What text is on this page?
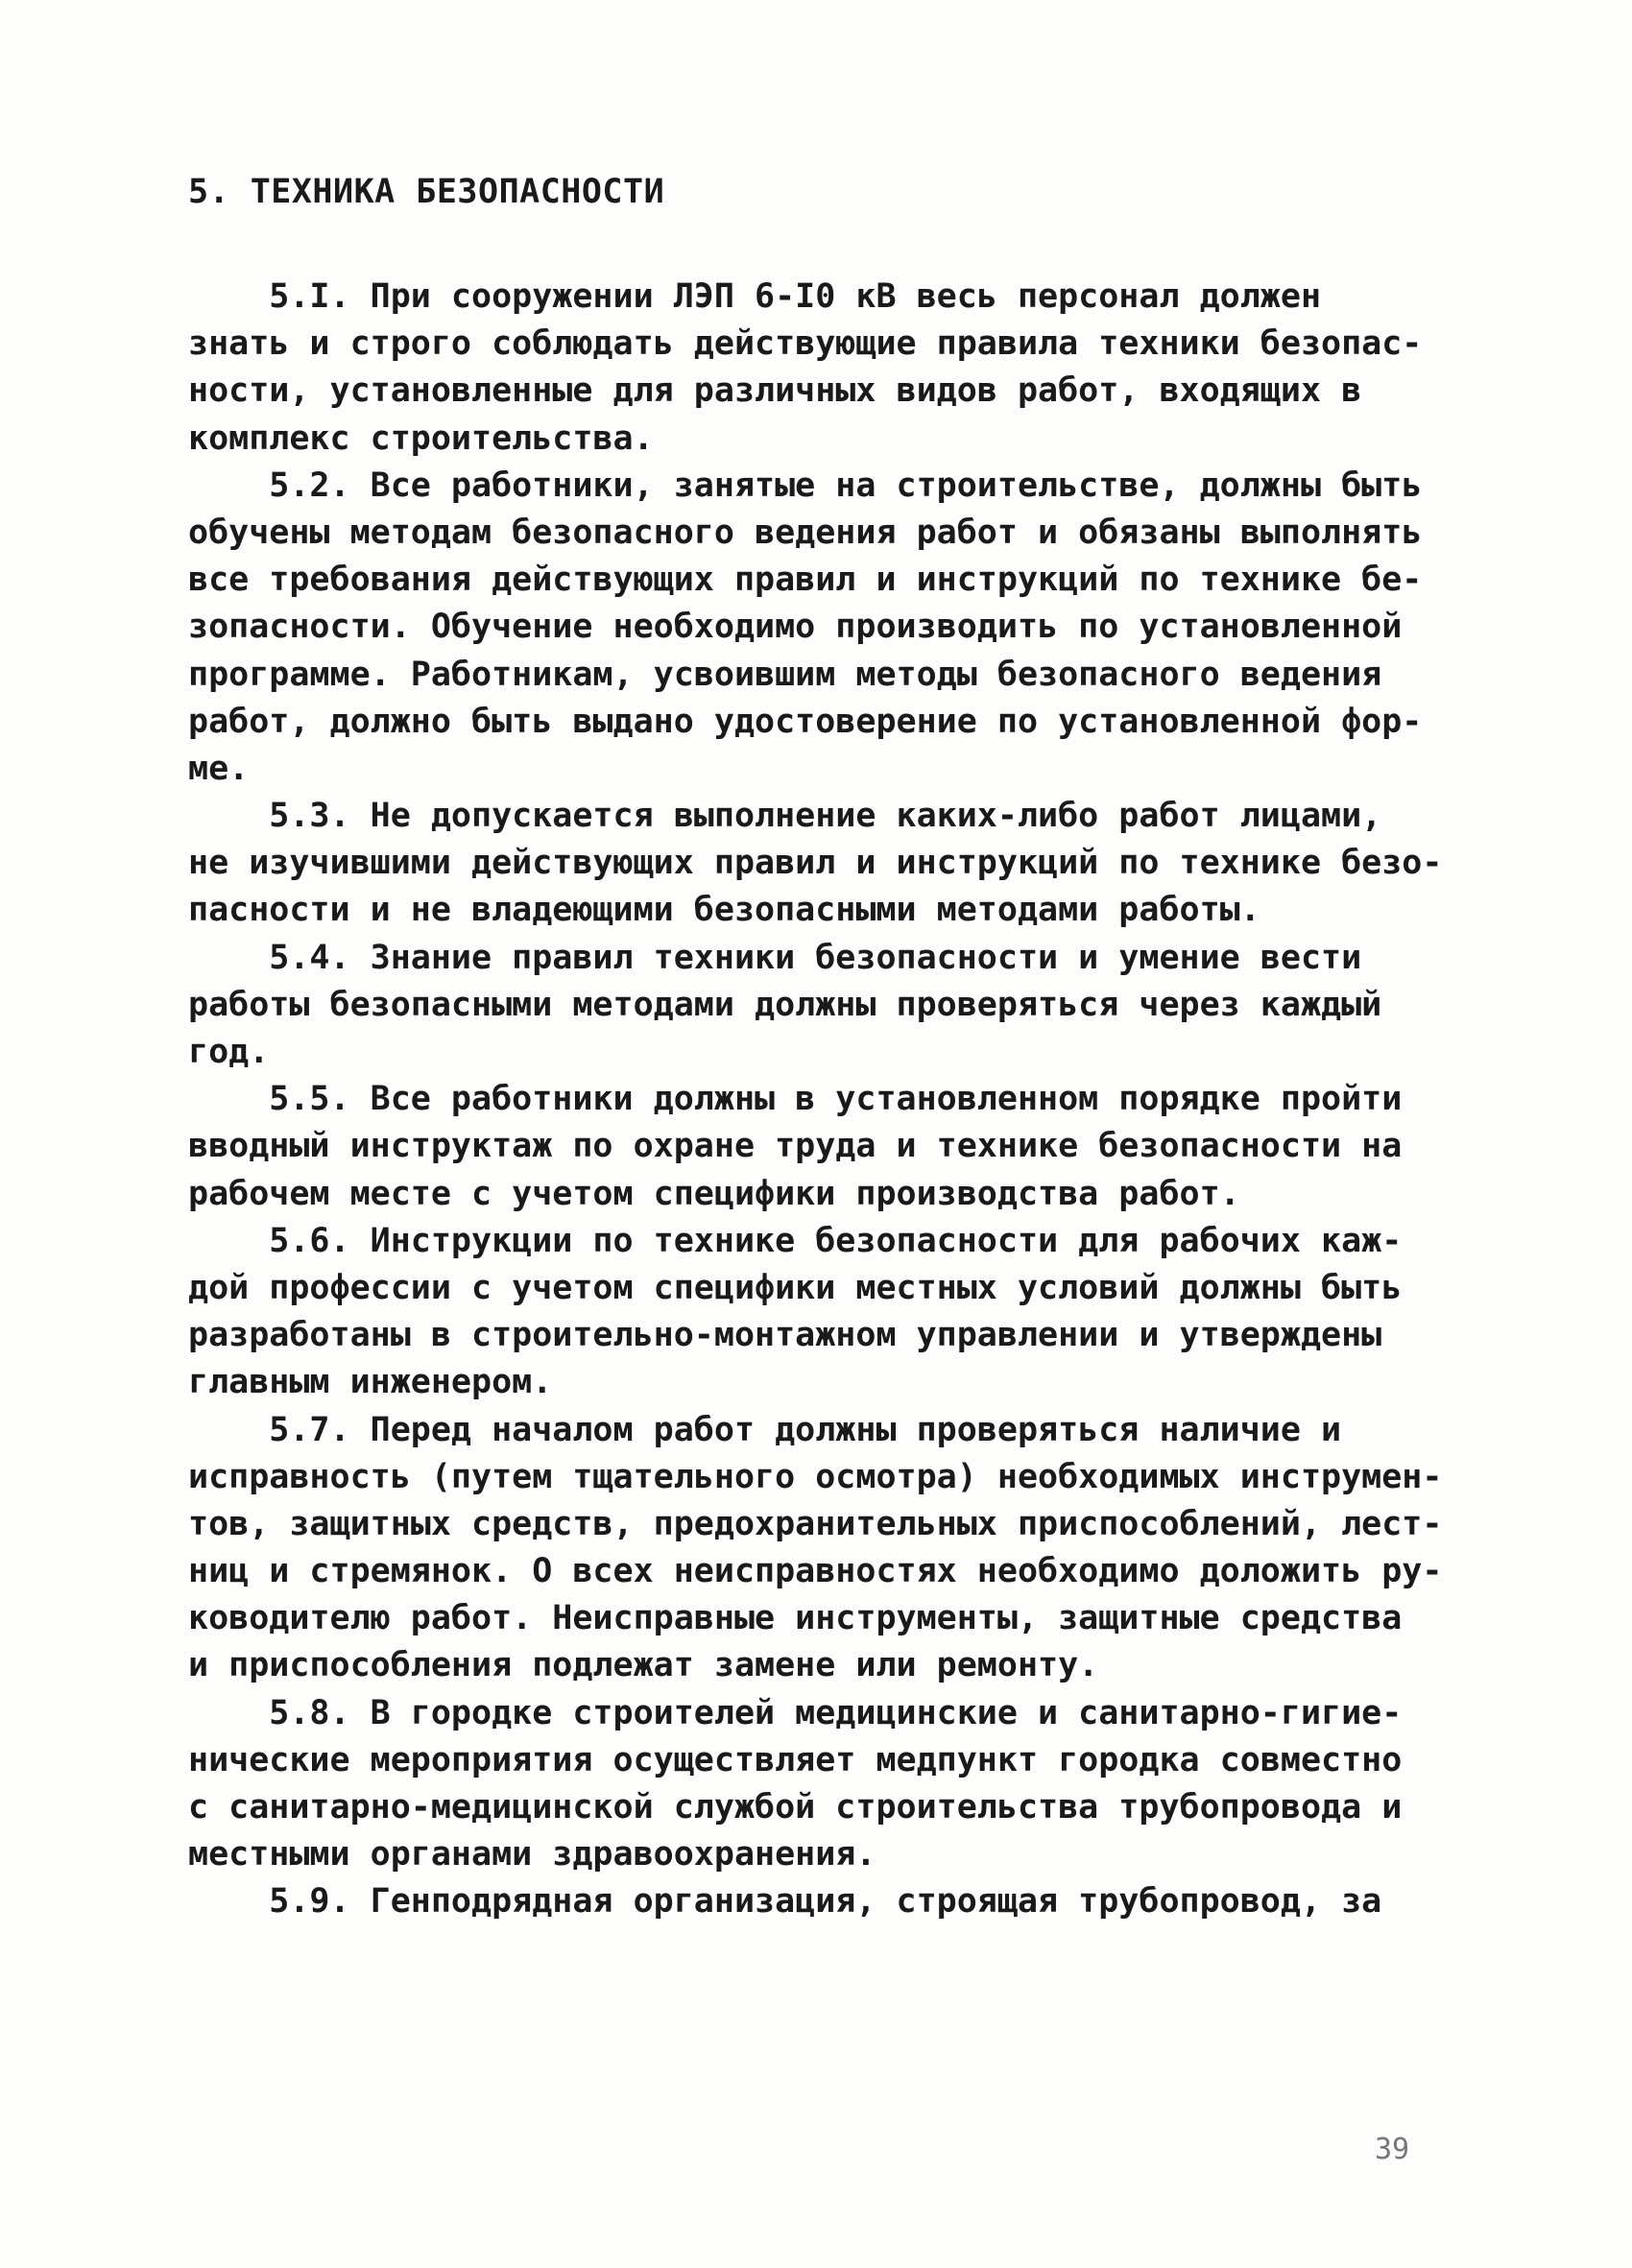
5. ТЕХНИКА БЕЗОПАСНОСТИ
5.I. При сооружении ЛЭП 6-I0 кВ весь персонал должен
знать и строго соблюдать действующие правила техники безопас-
ности, установленные для различных видов работ, входящих в
комплекс строительства.
5.2. Все работники, занятые на строительстве, должны быть
обучены методам безопасного ведения работ и обязаны выполнять
все требования действующих правил и инструкций по технике бе-
зопасности. Обучение необходимо производить по установленной
программе. Работникам, усвоившим методы безопасного ведения
работ, должно быть выдано удостоверение по установленной фор-
ме.
5.3. Не допускается выполнение каких-либо работ лицами,
не изучившими действующих правил и инструкций по технике безо-
пасности и не владеющими безопасными методами работы.
5.4. Знание правил техники безопасности и умение вести
работы безопасными методами должны проверяться через каждый
год.
5.5. Все работники должны в установленном порядке пройти
вводный инструктаж по охране труда и технике безопасности на
рабочем месте с учетом специфики производства работ.
5.6. Инструкции по технике безопасности для рабочих каж-
дой профессии с учетом специфики местных условий должны быть
разработаны в строительно-монтажном управлении и утверждены
главным инженером.
5.7. Перед началом работ должны проверяться наличие и
исправность (путем тщательного осмотра) необходимых инструмен-
тов, защитных средств, предохранительных приспособлений, лест-
ниц и стремянок. О всех неисправностях необходимо доложить ру-
ководителю работ. Неисправные инструменты, защитные средства
и приспособления подлежат замене или ремонту.
5.8. В городке строителей медицинские и санитарно-гигие-
нические мероприятия осуществляет медпункт городка совместно
с санитарно-медицинской службой строительства трубопровода и
местными органами здравоохранения.
5.9. Генподрядная организация, строящая трубопровод, за
39
